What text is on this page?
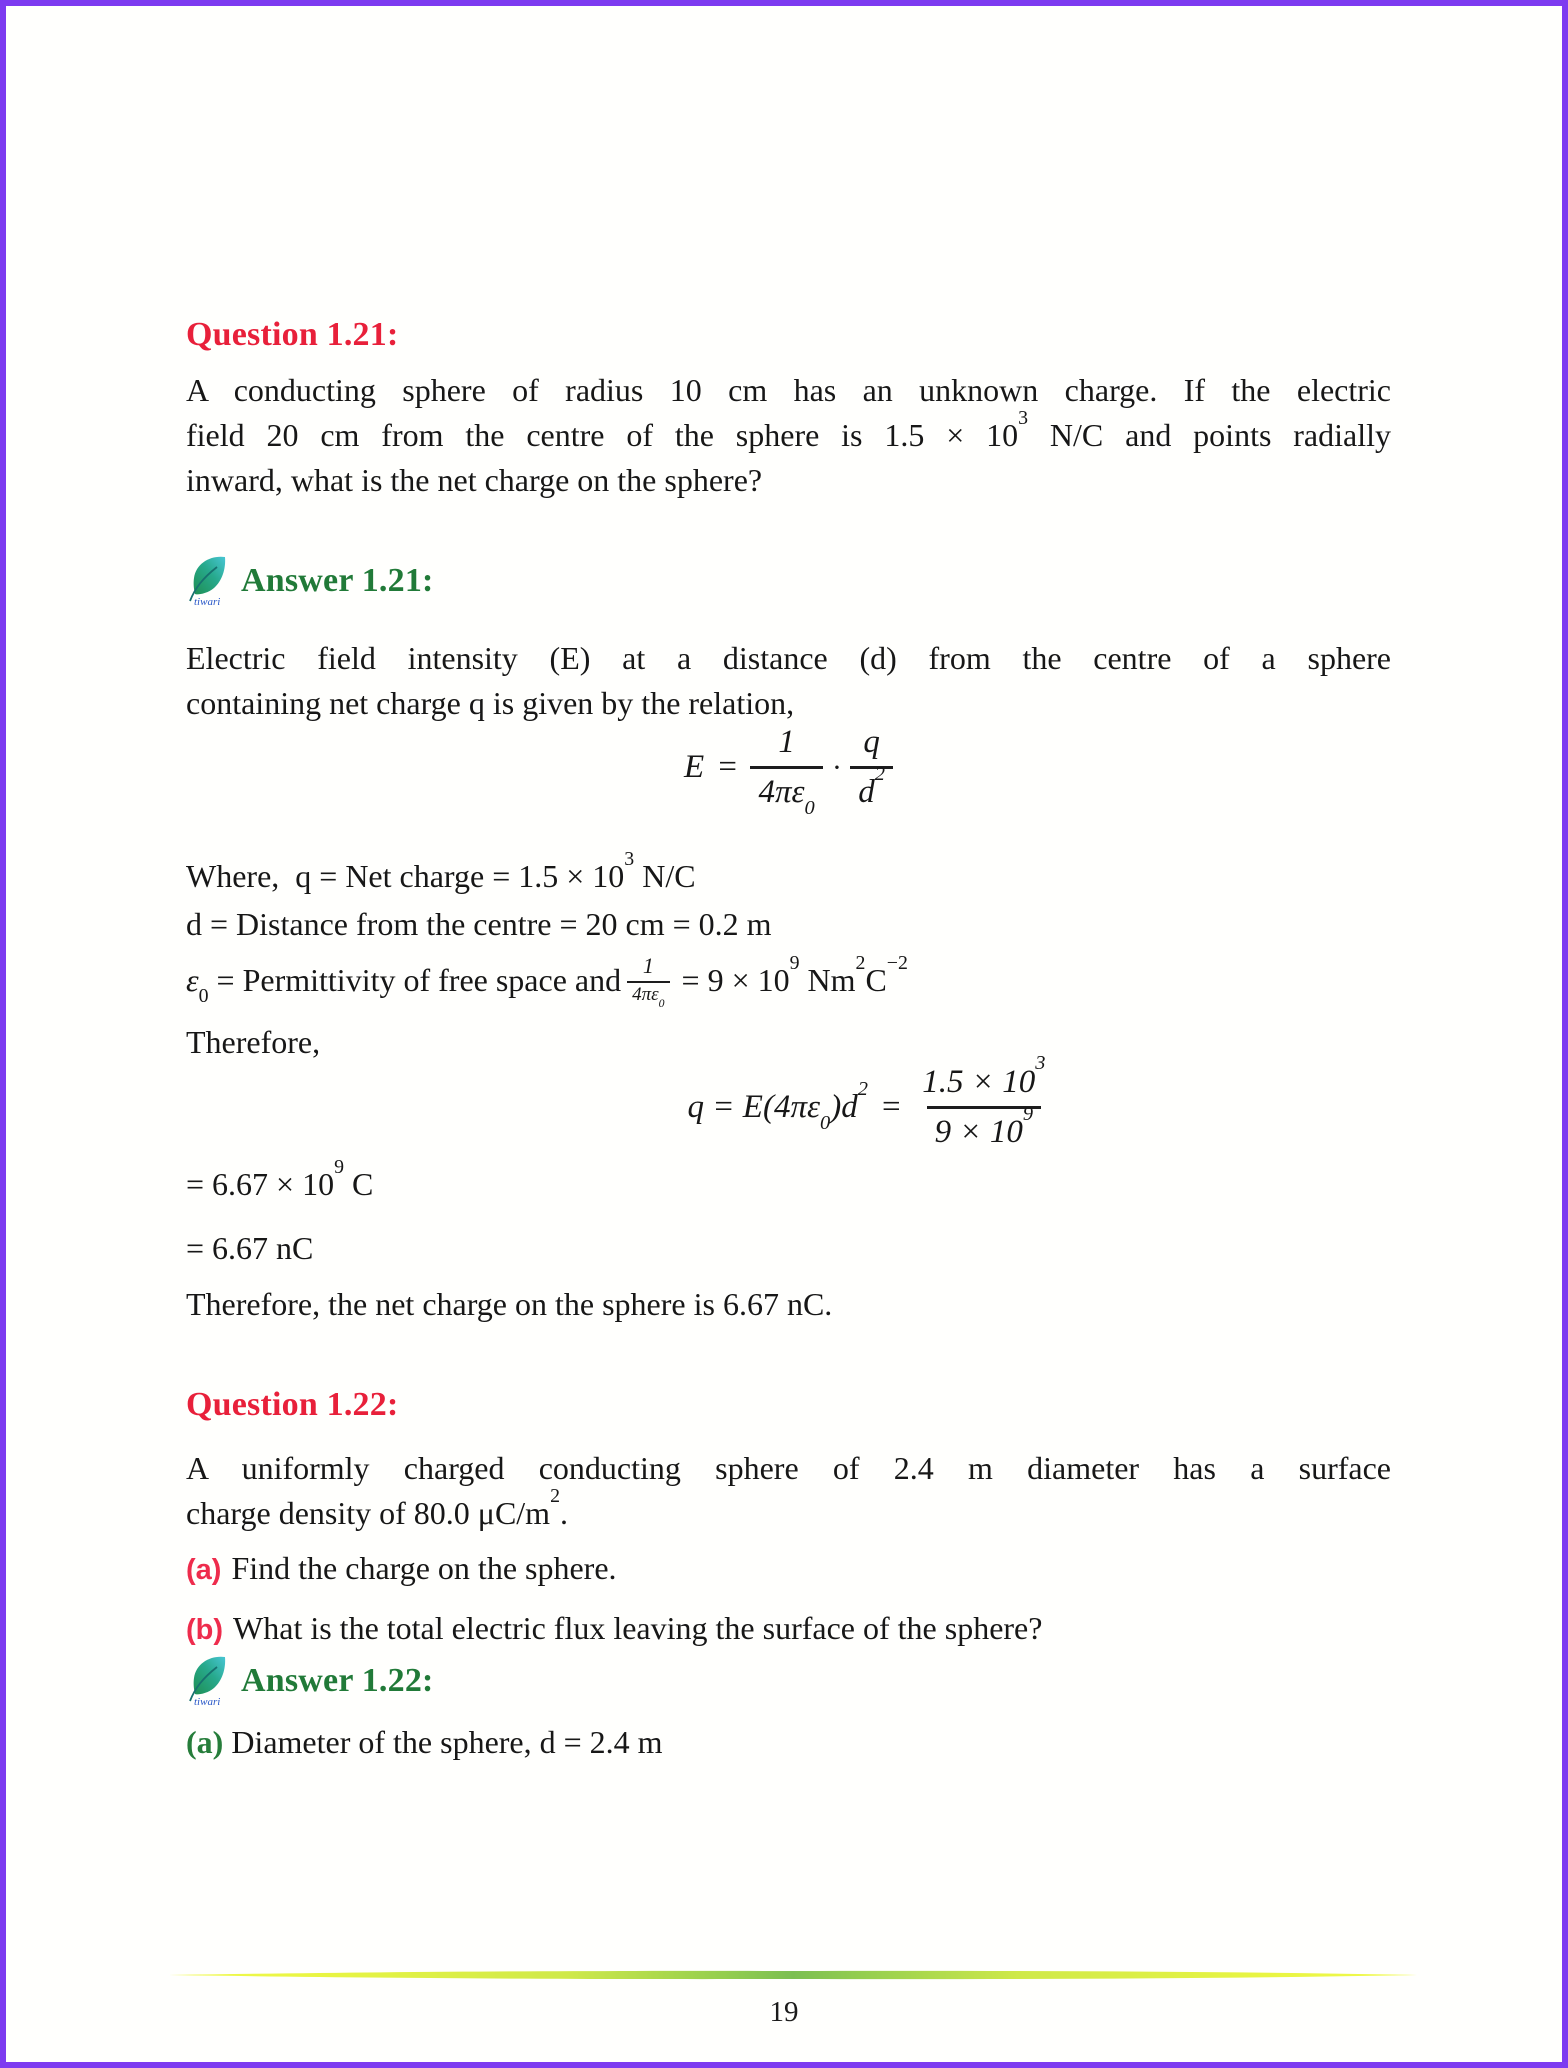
Question 1.21:
A conducting sphere of radius 10 cm has an unknown charge. If the electric
field 20 cm from the centre of the sphere is $1.5 \times 10^3$ N/C and points radially
inward, what is the net charge on the sphere?
tiwari
Answer 1.21:
Electric field intensity (E) at a distance (d) from the centre of a sphere
containing net charge q is given by the relation,
$E = \frac{1}{4\pi\varepsilon_0} \cdot \frac{q}{d^2}$
Where,  q = Net charge = $1.5 \times 10^3$ N/C
d = Distance from the centre = 20 cm = 0.2 m
$\varepsilon_0$ = Permittivity of free space and $\frac{1}{4\pi\varepsilon_0} = 9 \times 10^9$ $Nm^2C^{-2}$
Therefore,
$q = E(4\pi\varepsilon_0)d^2$
= $\frac{1.5 \times 10^3}{9 \times 10^9}$
= $6.67 \times 10^9$ C
= 6.67 nC
Therefore, the net charge on the sphere is 6.67 nC.
Question 1.22:
A uniformly charged conducting sphere of 2.4 m diameter has a surface
charge density of 80.0 $\mu C/m^2$.
(a) Find the charge on the sphere.
(b) What is the total electric flux leaving the surface of the sphere?
tiwari
Answer 1.22:
(a) Diameter of the sphere, d = 2.4 m
19
